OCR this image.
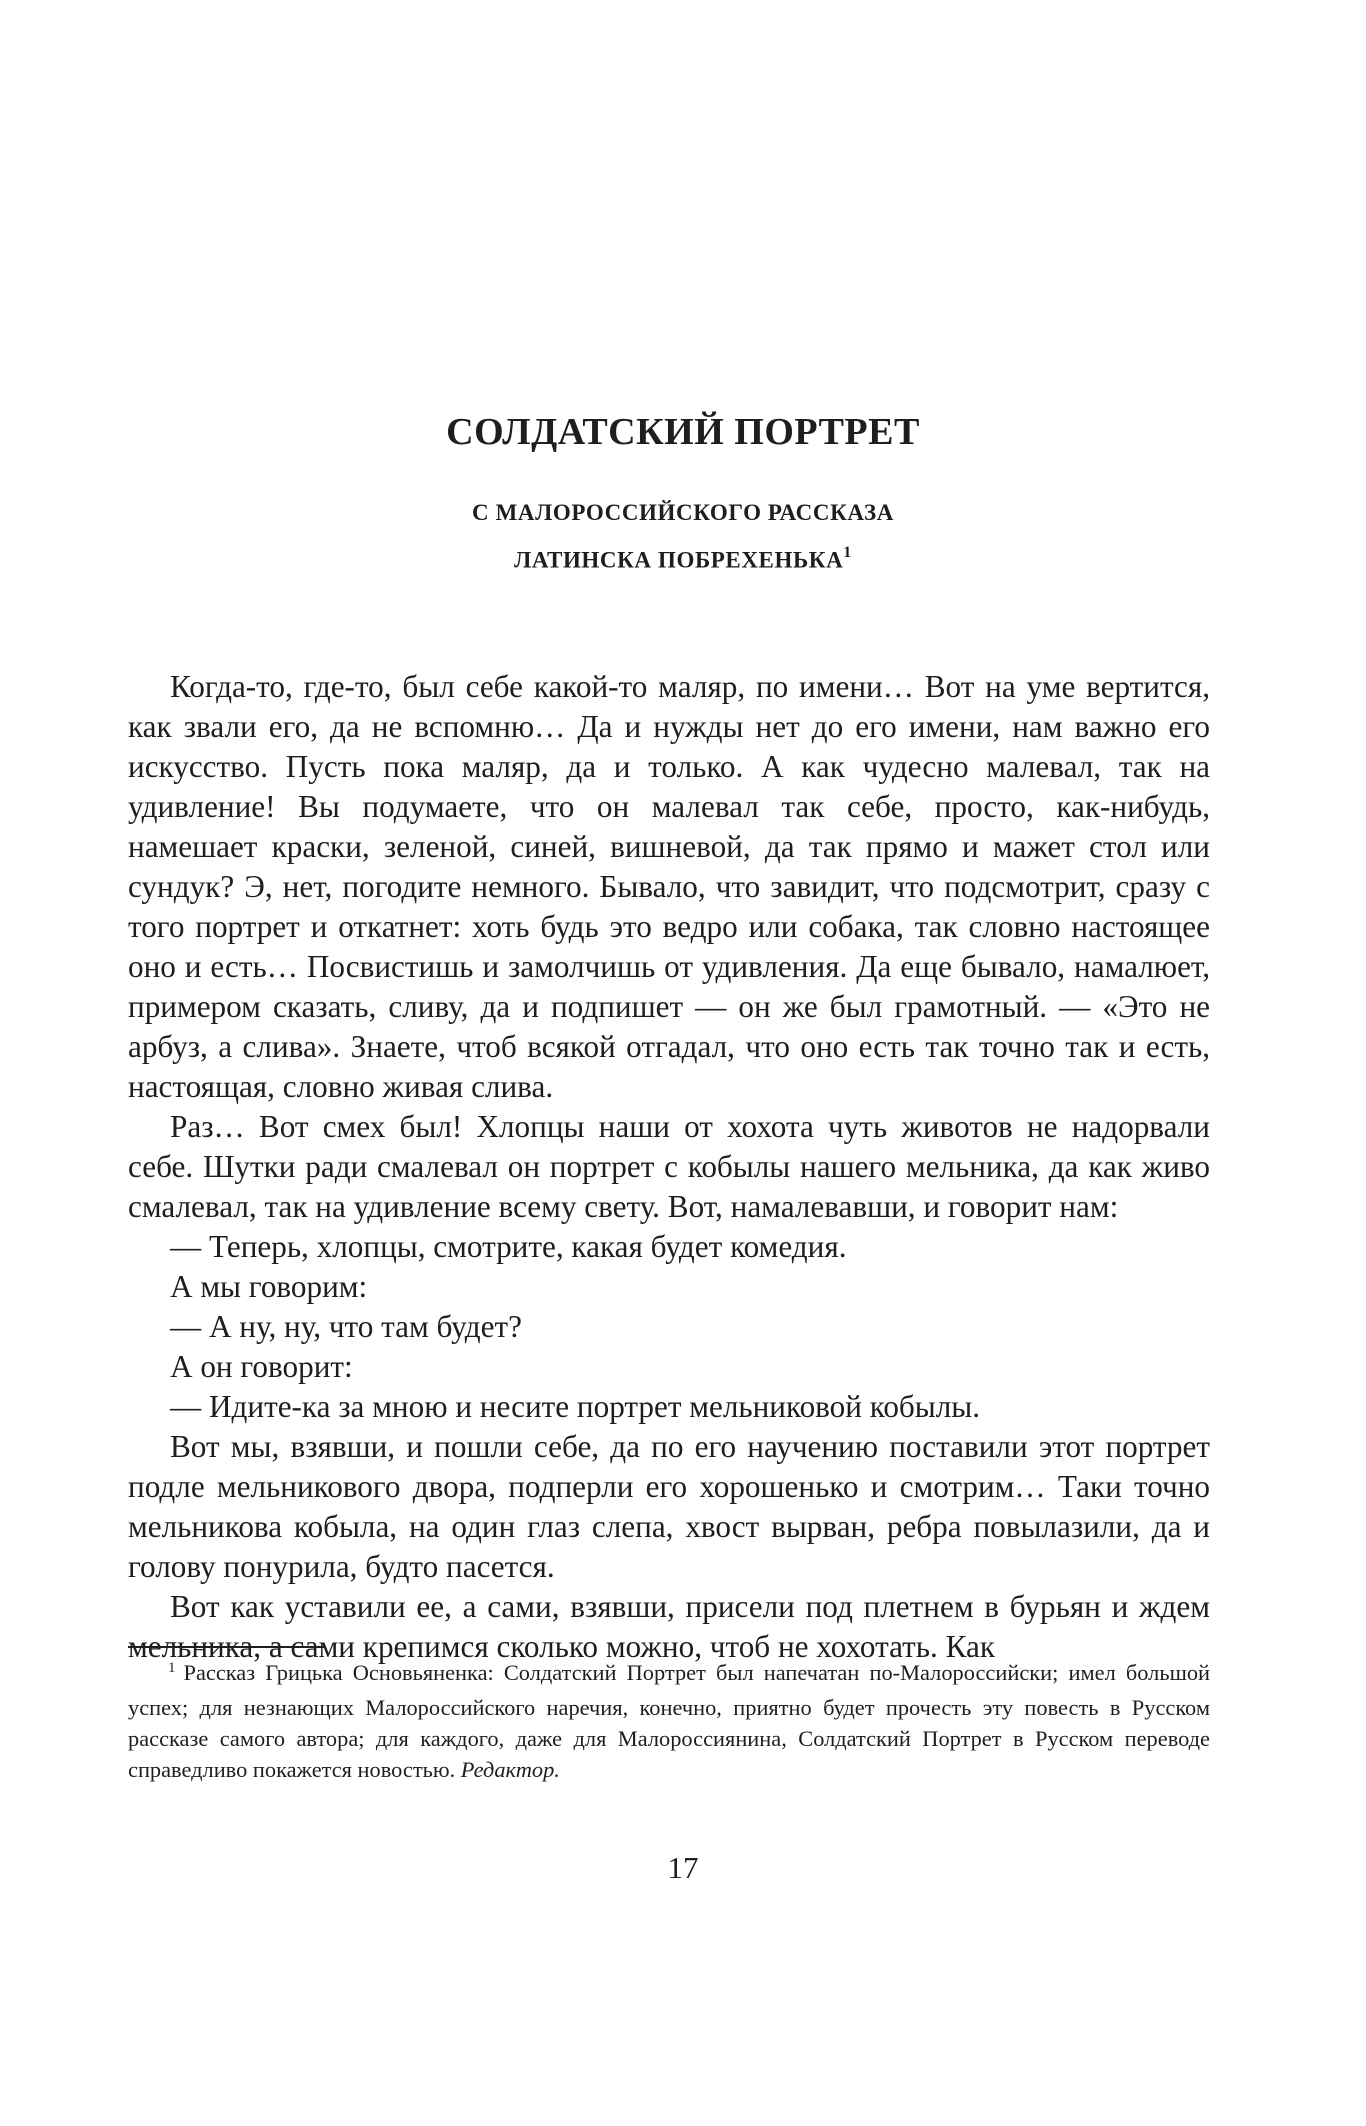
СОЛДАТСКИЙ ПОРТРЕТ
С МАЛОРОССИЙСКОГО РАССКАЗА
ЛАТИНСКА ПОБРЕХЕНЬКА$^1$

Когда-то, где-то, был себе какой-то маляр, по имени… Вот на уме вертится, как звали его, да не вспомню… Да и нужды нет до его имени, нам важно его искусство. Пусть пока маляр, да и только. А как чудесно малевал, так на удивление! Вы подумаете, что он малевал так себе, просто, как-нибудь, намешает краски, зеленой, синей, вишневой, да так прямо и мажет стол или сундук? Э, нет, погодите немного. Бывало, что завидит, что подсмотрит, сразу с того портрет и откатнет: хоть будь это ведро или собака, так словно настоящее оно и есть… Посвистишь и замолчишь от удивления. Да еще бывало, намалюет, примером сказать, сливу, да и подпишет — он же был грамотный. — «Это не арбуз, а слива». Знаете, чтоб всякой отгадал, что оно есть так точно так и есть, настоящая, словно живая слива.

Раз… Вот смех был! Хлопцы наши от хохота чуть животов не надорвали себе. Шутки ради смалевал он портрет с кобылы нашего мельника, да как живо смалевал, так на удивление всему свету. Вот, намалевавши, и говорит нам:

— Теперь, хлопцы, смотрите, какая будет комедия.

А мы говорим:

— А ну, ну, что там будет?

А он говорит:

— Идите-ка за мною и несите портрет мельниковой кобылы.

Вот мы, взявши, и пошли себе, да по его научению поставили этот портрет подле мельникового двора, подперли его хорошенько и смотрим… Таки точно мельникова кобыла, на один глаз слепа, хвост вырван, ребра повылазили, да и голову понурила, будто пасется.

Вот как уставили ее, а сами, взявши, присели под плетнем в бурьян и ждем мельника, а сами крепимся сколько можно, чтоб не хохотать. Как

$^1$ Рассказ Грицька Основьяненка: Солдатский Портрет был напечатан по-Малороссийски; имел большой успех; для незнающих Малороссийского наречия, конечно, приятно будет прочесть эту повесть в Русском рассказе самого автора; для каждого, даже для Малороссиянина, Солдатский Портрет в Русском переводе справедливо покажется новостью. Редактор.

17
